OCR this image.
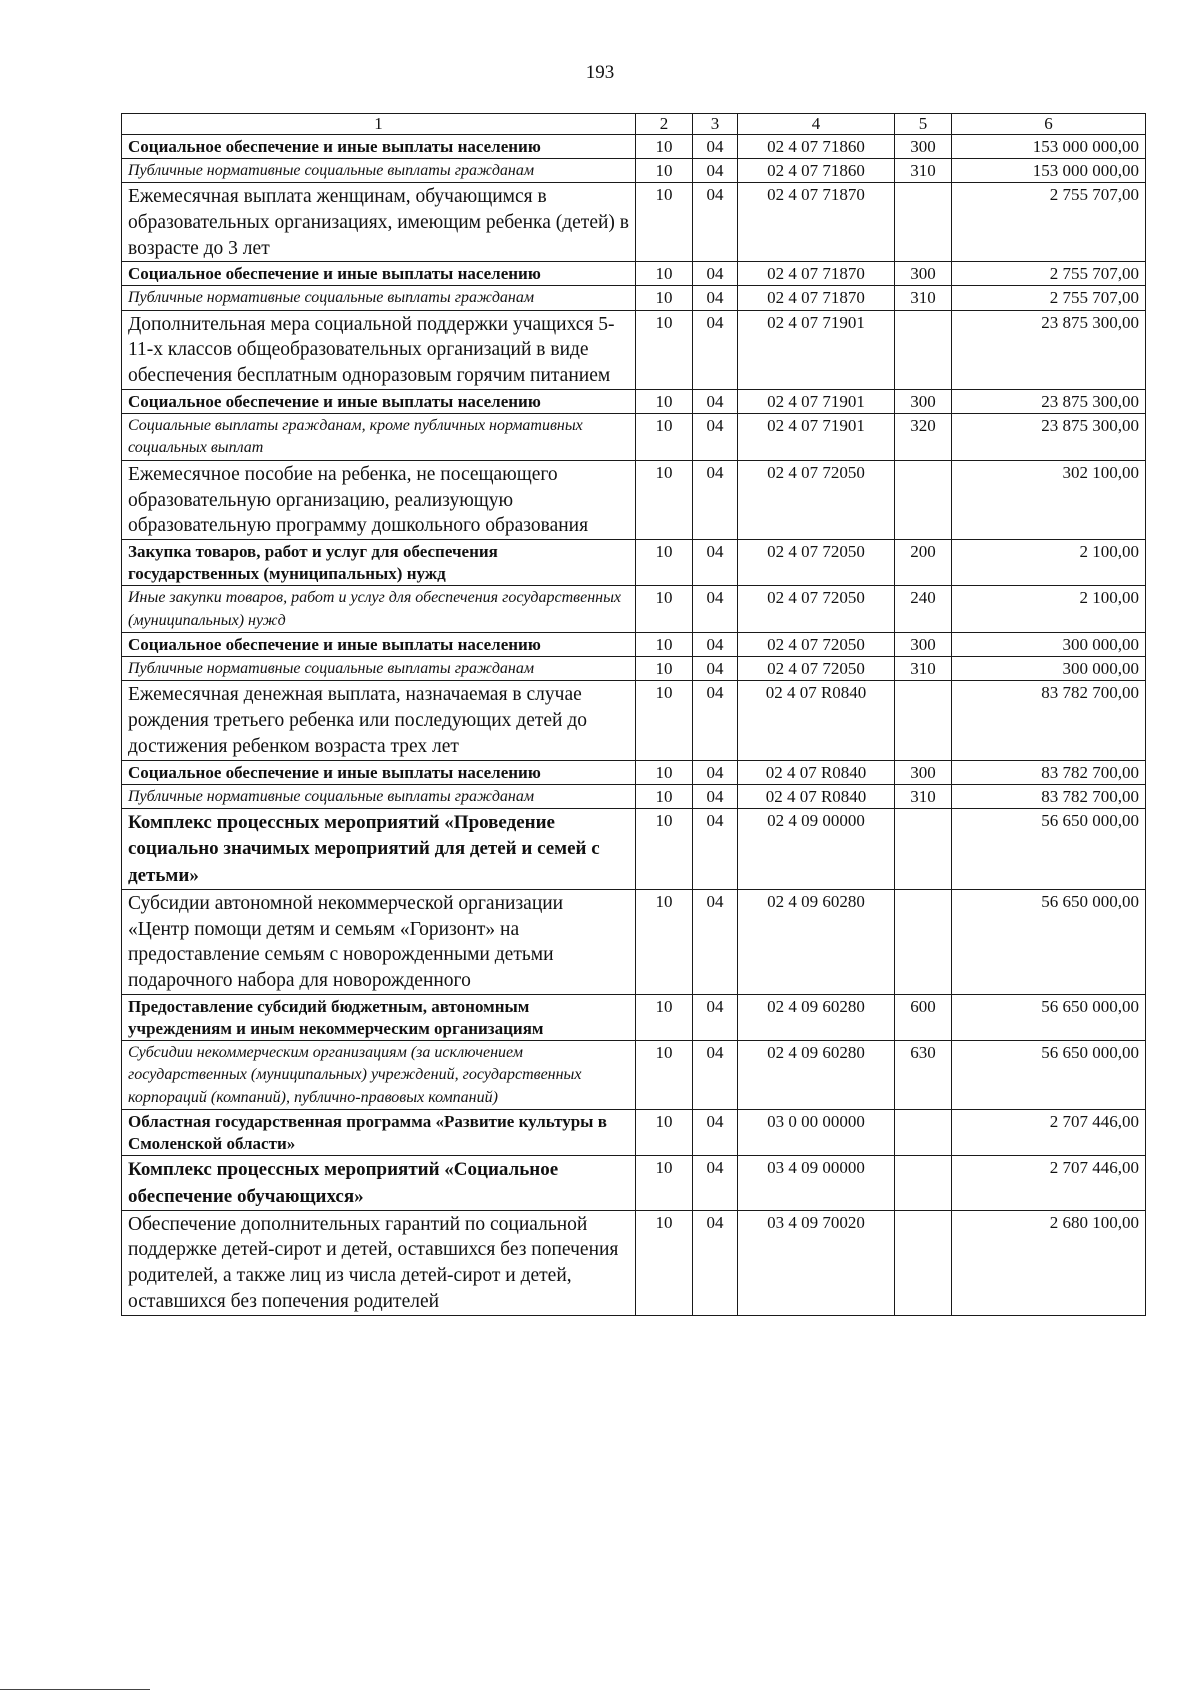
193
1	2	3	4	5	6
Социальное обеспечение и иные выплаты населению	10	04	02 4 07 71860	300	153 000 000,00
Публичные нормативные социальные выплаты гражданам	10	04	02 4 07 71860	310	153 000 000,00
Ежемесячная выплата женщинам, обучающимся в образовательных организациях, имеющим ребенка (детей) в возрасте до 3 лет	10	04	02 4 07 71870		2 755 707,00
Социальное обеспечение и иные выплаты населению	10	04	02 4 07 71870	300	2 755 707,00
Публичные нормативные социальные выплаты гражданам	10	04	02 4 07 71870	310	2 755 707,00
Дополнительная мера социальной поддержки учащихся 5-11-х классов общеобразовательных организаций в виде обеспечения бесплатным одноразовым горячим питанием	10	04	02 4 07 71901		23 875 300,00
Социальное обеспечение и иные выплаты населению	10	04	02 4 07 71901	300	23 875 300,00
Социальные выплаты гражданам, кроме публичных нормативных социальных выплат	10	04	02 4 07 71901	320	23 875 300,00
Ежемесячное пособие на ребенка, не посещающего образовательную организацию, реализующую образовательную программу дошкольного образования	10	04	02 4 07 72050		302 100,00
Закупка товаров, работ и услуг для обеспечения государственных (муниципальных) нужд	10	04	02 4 07 72050	200	2 100,00
Иные закупки товаров, работ и услуг для обеспечения государственных (муниципальных) нужд	10	04	02 4 07 72050	240	2 100,00
Социальное обеспечение и иные выплаты населению	10	04	02 4 07 72050	300	300 000,00
Публичные нормативные социальные выплаты гражданам	10	04	02 4 07 72050	310	300 000,00
Ежемесячная денежная выплата, назначаемая в случае рождения третьего ребенка или последующих детей до достижения ребенком возраста трех лет	10	04	02 4 07 R0840		83 782 700,00
Социальное обеспечение и иные выплаты населению	10	04	02 4 07 R0840	300	83 782 700,00
Публичные нормативные социальные выплаты гражданам	10	04	02 4 07 R0840	310	83 782 700,00
Комплекс процессных мероприятий «Проведение социально значимых мероприятий для детей и семей с детьми»	10	04	02 4 09 00000		56 650 000,00
Субсидии автономной некоммерческой организации «Центр помощи детям и семьям «Горизонт» на предоставление семьям с новорожденными детьми подарочного набора для новорожденного	10	04	02 4 09 60280		56 650 000,00
Предоставление субсидий бюджетным, автономным учреждениям и иным некоммерческим организациям	10	04	02 4 09 60280	600	56 650 000,00
Субсидии некоммерческим организациям (за исключением государственных (муниципальных) учреждений, государственных корпораций (компаний), публично-правовых компаний)	10	04	02 4 09 60280	630	56 650 000,00
Областная государственная программа «Развитие культуры в Смоленской области»	10	04	03 0 00 00000		2 707 446,00
Комплекс процессных мероприятий «Социальное обеспечение обучающихся»	10	04	03 4 09 00000		2 707 446,00
Обеспечение дополнительных гарантий по социальной поддержке детей-сирот и детей, оставшихся без попечения родителей, а также лиц из числа детей-сирот и детей, оставшихся без попечения родителей	10	04	03 4 09 70020		2 680 100,00
